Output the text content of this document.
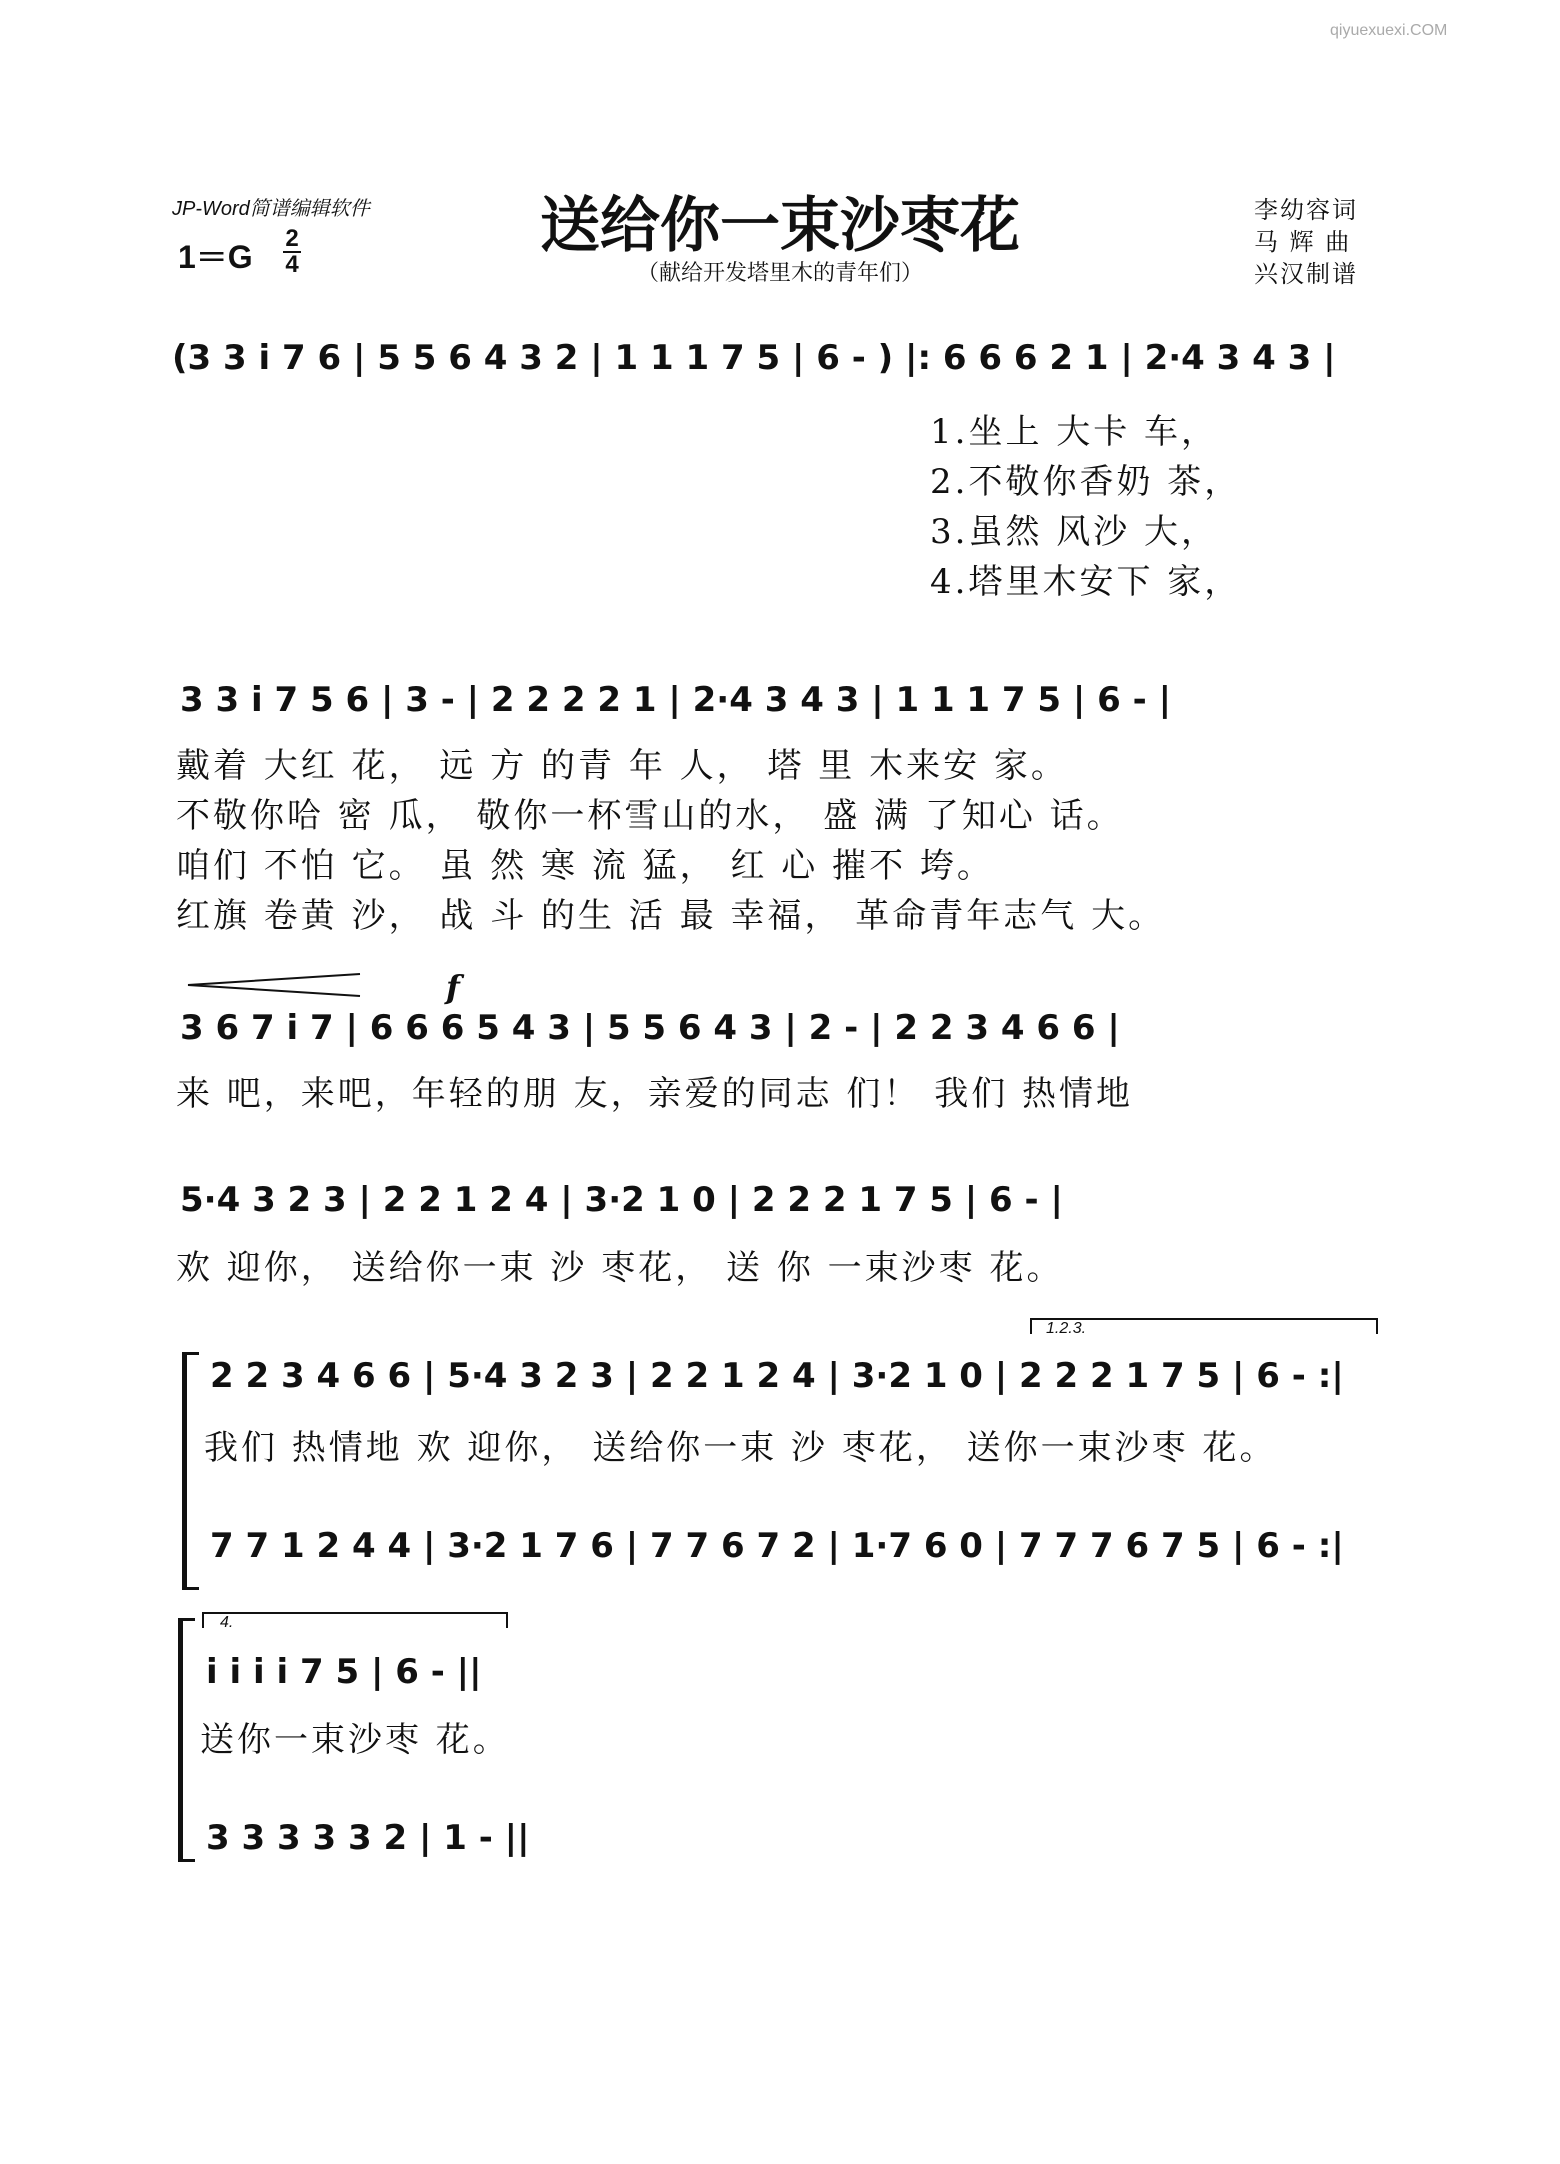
qiyuexuexi.COM
JP-Word简谱编辑软件
1＝G
2
4
送给你一束沙枣花
（献给开发塔里木的青年们）
李幼容词
马 辉 曲
兴汉制谱
(3 3 i 7 6 | 5 5 6 4 3 2 | 1 1 1 7 5 | 6 - ) |: 6 6 6 2 1 | 2·4 3 4 3 |
1.坐上 大卡 车，
2.不敬你香奶 茶，
3.虽然 风沙 大，
4.塔里木安下 家，
3 3 i 7 5 6 | 3 - | 2 2 2 2 1 | 2·4 3 4 3 | 1 1 1 7 5 | 6 - |
戴着 大红 花， 远 方 的青 年 人， 塔 里 木来安 家。
不敬你哈 密 瓜， 敬你一杯雪山的水， 盛 满 了知心 话。
咱们 不怕 它。 虽 然 寒 流 猛， 红 心 摧不 垮。
红旗 卷黄 沙， 战 斗 的生 活 最 幸福， 革命青年志气 大。
f
3 6 7 i 7 | 6 6 6 5 4 3 | 5 5 6 4 3 | 2 - | 2 2 3 4 6 6 |
来 吧，来吧，年轻的朋 友，亲爱的同志 们！ 我们 热情地
5·4 3 2 3 | 2 2 1 2 4 | 3·2 1 0 | 2 2 2 1 7 5 | 6 - |
欢 迎你， 送给你一束 沙 枣花， 送 你 一束沙枣 花。
1.2.3.
2 2 3 4 6 6 | 5·4 3 2 3 | 2 2 1 2 4 | 3·2 1 0 | 2 2 2 1 7 5 | 6 - :|
我们 热情地 欢 迎你， 送给你一束 沙 枣花， 送你一束沙枣 花。
7 7 1 2 4 4 | 3·2 1 7 6 | 7 7 6 7 2 | 1·7 6 0 | 7 7 7 6 7 5 | 6 - :|
4.
i i i i 7 5 | 6 - ||
送你一束沙枣 花。
3 3 3 3 3 2 | 1 - ||
